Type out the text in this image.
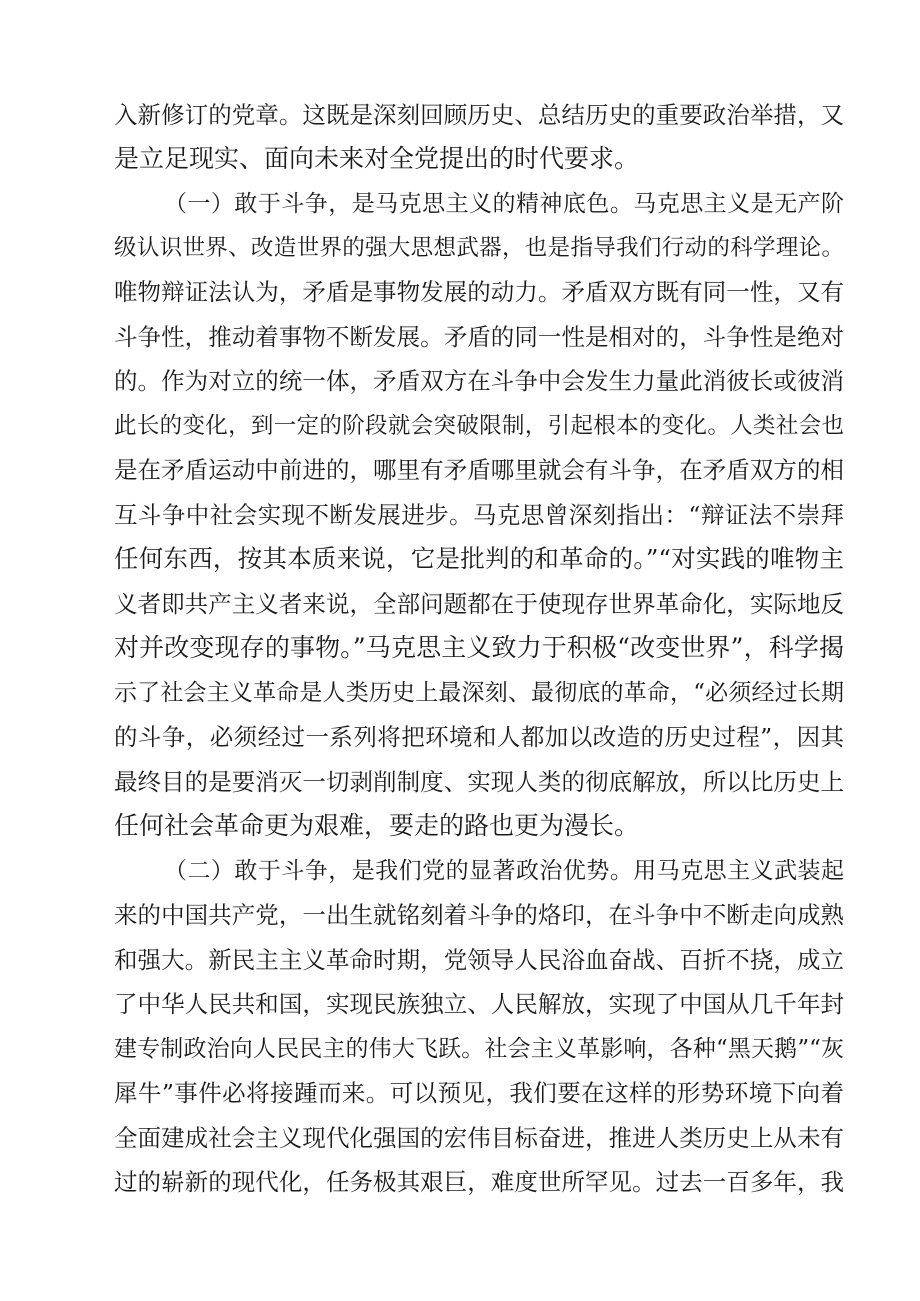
入新修订的党章。这既是深刻回顾历史、总结历史的重要政治举措，又
是立足现实、面向未来对全党提出的时代要求。
（一）敢于斗争，是马克思主义的精神底色。马克思主义是无产阶
级认识世界、改造世界的强大思想武器，也是指导我们行动的科学理论。
唯物辩证法认为，矛盾是事物发展的动力。矛盾双方既有同一性，又有
斗争性，推动着事物不断发展。矛盾的同一性是相对的，斗争性是绝对
的。作为对立的统一体，矛盾双方在斗争中会发生力量此消彼长或彼消
此长的变化，到一定的阶段就会突破限制，引起根本的变化。人类社会也
是在矛盾运动中前进的，哪里有矛盾哪里就会有斗争，在矛盾双方的相
互斗争中社会实现不断发展进步。马克思曾深刻指出：“辩证法不崇拜
任何东西，按其本质来说，它是批判的和革命的。”“对实践的唯物主
义者即共产主义者来说，全部问题都在于使现存世界革命化，实际地反
对并改变现存的事物。”马克思主义致力于积极“改变世界”，科学揭
示了社会主义革命是人类历史上最深刻、最彻底的革命，“必须经过长期
的斗争，必须经过一系列将把环境和人都加以改造的历史过程”，因其
最终目的是要消灭一切剥削制度、实现人类的彻底解放，所以比历史上
任何社会革命更为艰难，要走的路也更为漫长。
（二）敢于斗争，是我们党的显著政治优势。用马克思主义武装起
来的中国共产党，一出生就铭刻着斗争的烙印，在斗争中不断走向成熟
和强大。新民主主义革命时期，党领导人民浴血奋战、百折不挠，成立
了中华人民共和国，实现民族独立、人民解放，实现了中国从几千年封
建专制政治向人民民主的伟大飞跃。社会主义革影响，各种“黑天鹅”“灰
犀牛”事件必将接踵而来。可以预见，我们要在这样的形势环境下向着
全面建成社会主义现代化强国的宏伟目标奋进，推进人类历史上从未有
过的崭新的现代化，任务极其艰巨，难度世所罕见。过去一百多年，我
